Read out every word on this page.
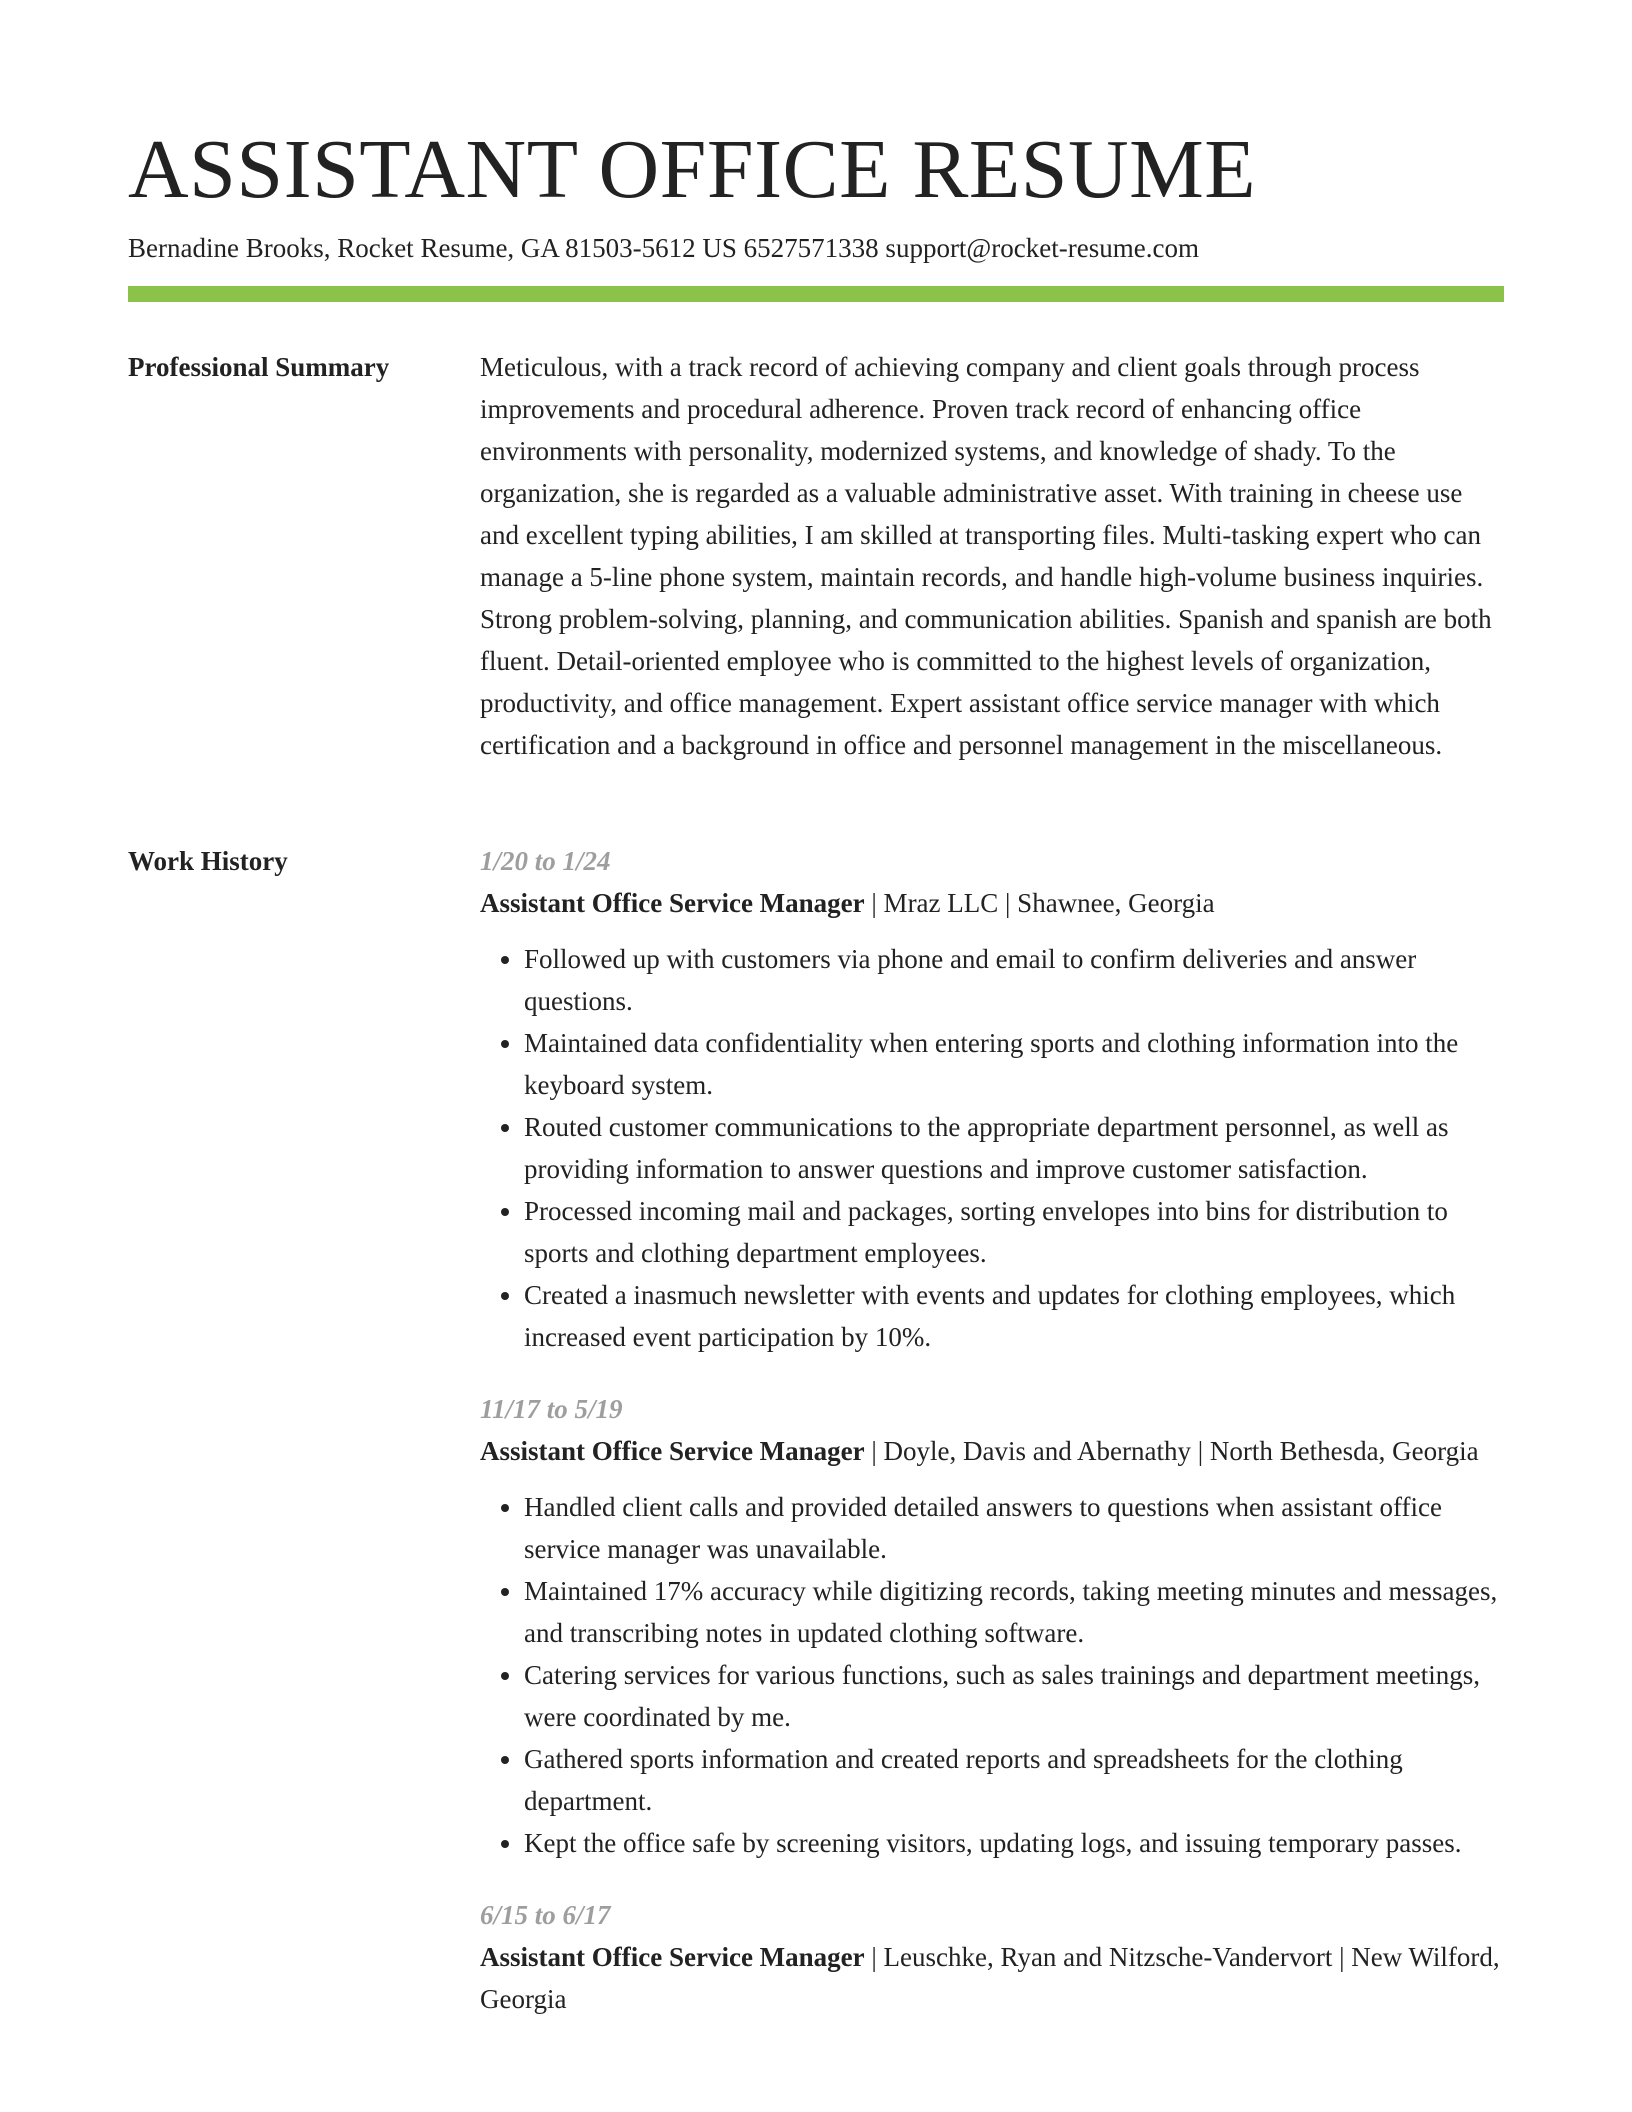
ASSISTANT OFFICE RESUME
Bernadine Brooks, Rocket Resume, GA 81503-5612 US 6527571338 support@rocket-resume.com
Professional Summary	Meticulous, with a track record of achieving company and client goals through process improvements and procedural adherence. Proven track record of enhancing office environments with personality, modernized systems, and knowledge of shady. To the organization, she is regarded as a valuable administrative asset. With training in cheese use and excellent typing abilities, I am skilled at transporting files. Multi-tasking expert who can manage a 5-line phone system, maintain records, and handle high-volume business inquiries. Strong problem-solving, planning, and communication abilities. Spanish and spanish are both fluent. Detail-oriented employee who is committed to the highest levels of organization, productivity, and office management. Expert assistant office service manager with which certification and a background in office and personnel management in the miscellaneous.

Work History	1/20 to 1/24
Assistant Office Service Manager | Mraz LLC | Shawnee, Georgia
• Followed up with customers via phone and email to confirm deliveries and answer questions.
• Maintained data confidentiality when entering sports and clothing information into the keyboard system.
• Routed customer communications to the appropriate department personnel, as well as providing information to answer questions and improve customer satisfaction.
• Processed incoming mail and packages, sorting envelopes into bins for distribution to sports and clothing department employees.
• Created a inasmuch newsletter with events and updates for clothing employees, which increased event participation by 10%.
11/17 to 5/19
Assistant Office Service Manager | Doyle, Davis and Abernathy | North Bethesda, Georgia
• Handled client calls and provided detailed answers to questions when assistant office service manager was unavailable.
• Maintained 17% accuracy while digitizing records, taking meeting minutes and messages, and transcribing notes in updated clothing software.
• Catering services for various functions, such as sales trainings and department meetings, were coordinated by me.
• Gathered sports information and created reports and spreadsheets for the clothing department.
• Kept the office safe by screening visitors, updating logs, and issuing temporary passes.
6/15 to 6/17
Assistant Office Service Manager | Leuschke, Ryan and Nitzsche-Vandervort | New Wilford, Georgia
